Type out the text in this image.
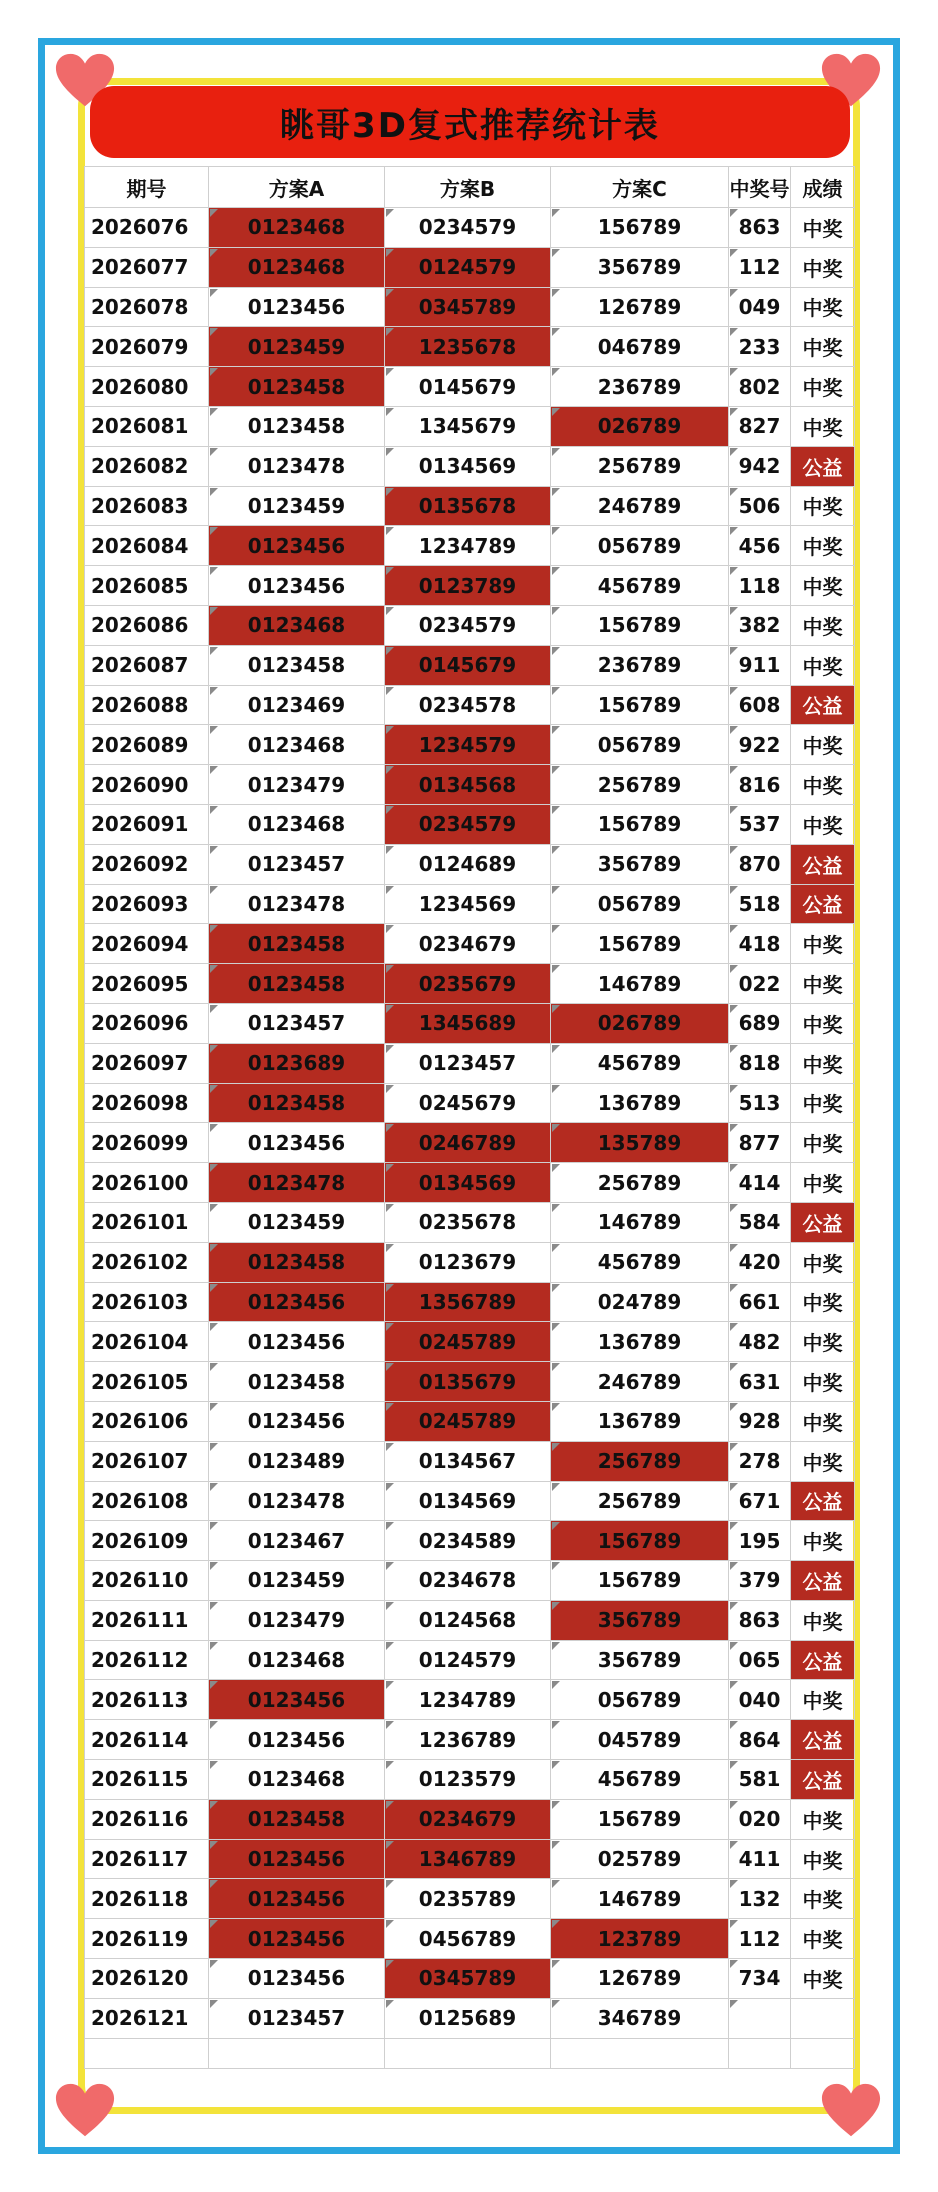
眺哥3D复式推荐统计表
期号	方案A	方案B	方案C	中奖号	成绩
2026076	0123468	0234579	156789	863	中奖
2026077	0123468	0124579	356789	112	中奖
2026078	0123456	0345789	126789	049	中奖
2026079	0123459	1235678	046789	233	中奖
2026080	0123458	0145679	236789	802	中奖
2026081	0123458	1345679	026789	827	中奖
2026082	0123478	0134569	256789	942	公益
2026083	0123459	0135678	246789	506	中奖
2026084	0123456	1234789	056789	456	中奖
2026085	0123456	0123789	456789	118	中奖
2026086	0123468	0234579	156789	382	中奖
2026087	0123458	0145679	236789	911	中奖
2026088	0123469	0234578	156789	608	公益
2026089	0123468	1234579	056789	922	中奖
2026090	0123479	0134568	256789	816	中奖
2026091	0123468	0234579	156789	537	中奖
2026092	0123457	0124689	356789	870	公益
2026093	0123478	1234569	056789	518	公益
2026094	0123458	0234679	156789	418	中奖
2026095	0123458	0235679	146789	022	中奖
2026096	0123457	1345689	026789	689	中奖
2026097	0123689	0123457	456789	818	中奖
2026098	0123458	0245679	136789	513	中奖
2026099	0123456	0246789	135789	877	中奖
2026100	0123478	0134569	256789	414	中奖
2026101	0123459	0235678	146789	584	公益
2026102	0123458	0123679	456789	420	中奖
2026103	0123456	1356789	024789	661	中奖
2026104	0123456	0245789	136789	482	中奖
2026105	0123458	0135679	246789	631	中奖
2026106	0123456	0245789	136789	928	中奖
2026107	0123489	0134567	256789	278	中奖
2026108	0123478	0134569	256789	671	公益
2026109	0123467	0234589	156789	195	中奖
2026110	0123459	0234678	156789	379	公益
2026111	0123479	0124568	356789	863	中奖
2026112	0123468	0124579	356789	065	公益
2026113	0123456	1234789	056789	040	中奖
2026114	0123456	1236789	045789	864	公益
2026115	0123468	0123579	456789	581	公益
2026116	0123458	0234679	156789	020	中奖
2026117	0123456	1346789	025789	411	中奖
2026118	0123456	0235789	146789	132	中奖
2026119	0123456	0456789	123789	112	中奖
2026120	0123456	0345789	126789	734	中奖
2026121	0123457	0125689	346789	
